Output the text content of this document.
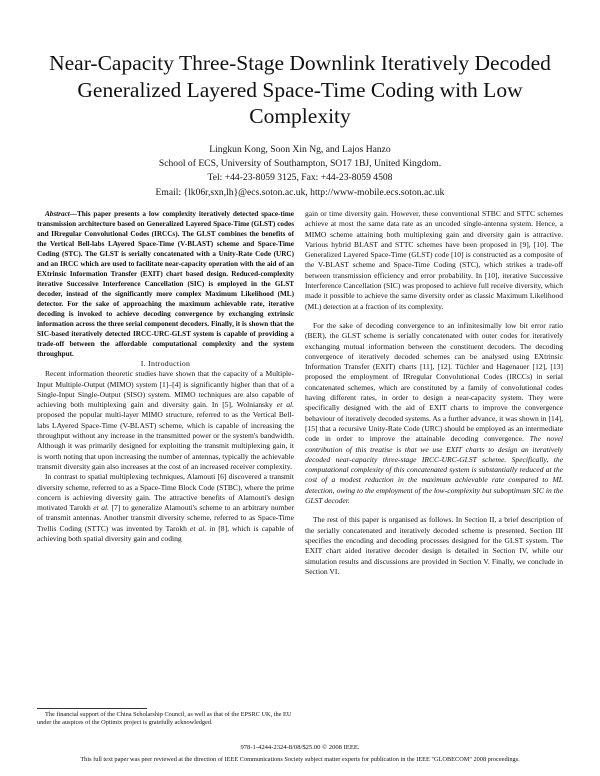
Near-Capacity Three-Stage Downlink Iteratively Decoded Generalized Layered Space-Time Coding with Low Complexity
Lingkun Kong, Soon Xin Ng, and Lajos Hanzo
School of ECS, University of Southampton, SO17 1BJ, United Kingdom.
Tel: +44-23-8059 3125, Fax: +44-23-8059 4508
Email: {lk06r,sxn,lh}@ecs.soton.ac.uk, http://www-mobile.ecs.soton.ac.uk

Abstract—This paper presents a low complexity iteratively detected space-time transmission architecture based on Generalized Layered Space-Time (GLST) codes and IRregular Convolutional Codes (IRCCs). The GLST combines the benefits of the Vertical Bell-labs LAyered Space-Time (V-BLAST) scheme and Space-Time Coding (STC). The GLST is serially concatenated with a Unity-Rate Code (URC) and an IRCC which are used to facilitate near-capacity operation with the aid of an EXtrinsic Information Transfer (EXIT) chart based design. Reduced-complexity iterative Successive Interference Cancellation (SIC) is employed in the GLST decoder, instead of the significantly more complex Maximum Likelihood (ML) detector. For the sake of approaching the maximum achievable rate, iterative decoding is invoked to achieve decoding convergence by exchanging extrinsic information across the three serial component decoders. Finally, it is shown that the SIC-based iteratively detected IRCC-URC-GLST system is capable of providing a trade-off between the affordable computational complexity and the system throughput.

I. Introduction

Recent information theoretic studies have shown that the capacity of a Multiple-Input Multiple-Output (MIMO) system [1]–[4] is significantly higher than that of a Single-Input Single-Output (SISO) system. MIMO techniques are also capable of achieving both multiplexing gain and diversity gain. In [5], Wolniansky et al. proposed the popular multi-layer MIMO structure, referred to as the Vertical Bell-labs LAyered Space-Time (V-BLAST) scheme, which is capable of increasing the throughput without any increase in the transmitted power or the system's bandwidth. Although it was primarily designed for exploiting the transmit multiplexing gain, it is worth noting that upon increasing the number of antennas, typically the achievable transmit diversity gain also increases at the cost of an increased receiver complexity.

In contrast to spatial multiplexing techniques, Alamouti [6] discovered a transmit diversity scheme, referred to as a Space-Time Block Code (STBC), where the prime concern is achieving diversity gain. The attractive benefits of Alamouti's design motivated Tarokh et al. [7] to generalize Alamouti's scheme to an arbitrary number of transmit antennas. Another transmit diversity scheme, referred to as Space-Time Trellis Coding (STTC) was invented by Tarokh et al. in [8], which is capable of achieving both spatial diversity gain and coding

gain or time diversity gain. However, these conventional STBC and STTC schemes achieve at most the same data rate as an uncoded single-antenna system. Hence, a MIMO scheme attaining both multiplexing gain and diversity gain is attractive. Various hybrid BLAST and STTC schemes have been proposed in [9], [10]. The Generalized Layered Space-Time (GLST) code [10] is constructed as a composite of the V-BLAST scheme and Space-Time Coding (STC), which strikes a trade-off between transmission efficiency and error probability. In [10], iterative Successive Interference Cancellation (SIC) was proposed to achieve full receive diversity, which made it possible to achieve the same diversity order as classic Maximum Likelihood (ML) detection at a fraction of its complexity.

For the sake of decoding convergence to an infinitesimally low bit error ratio (BER), the GLST scheme is serially concatenated with outer codes for iteratively exchanging mutual information between the constituent decoders. The decoding convergence of iteratively decoded schemes can be analysed using EXtrinsic Information Transfer (EXIT) charts [11], [12]. Tüchler and Hagenauer [12], [13] proposed the employment of IRregular Convolutional Codes (IRCCs) in serial concatenated schemes, which are constituted by a family of convolutional codes having different rates, in order to design a near-capacity system. They were specifically designed with the aid of EXIT charts to improve the convergence behaviour of iteratively decoded systems. As a further advance, it was shown in [14], [15] that a recursive Unity-Rate Code (URC) should be employed as an intermediate code in order to improve the attainable decoding convergence. The novel contribution of this treatise is that we use EXIT charts to design an iteratively decoded near-capacity three-stage IRCC-URC-GLST scheme. Specifically, the computational complexity of this concatenated system is substantially reduced at the cost of a modest reduction in the maximum achievable rate compared to ML detection, owing to the employment of the low-complexity but suboptimum SIC in the GLST decoder.

The rest of this paper is organised as follows. In Section II, a brief description of the serially concatenated and iteratively decoded scheme is presented. Section III specifies the encoding and decoding processes designed for the GLST system. The EXIT chart aided iterative decoder design is detailed in Section IV, while our simulation results and discussions are provided in Section V. Finally, we conclude in Section VI.

The financial support of the China Scholarship Council, as well as that of the EPSRC UK, the EU under the auspices of the Optimix project is gratefully acknowledged.
978-1-4244-2324-8/08/$25.00 © 2008 IEEE.
This full text paper was peer reviewed at the direction of IEEE Communications Society subject matter experts for publication in the IEEE "GLOBECOM" 2008 proceedings.
